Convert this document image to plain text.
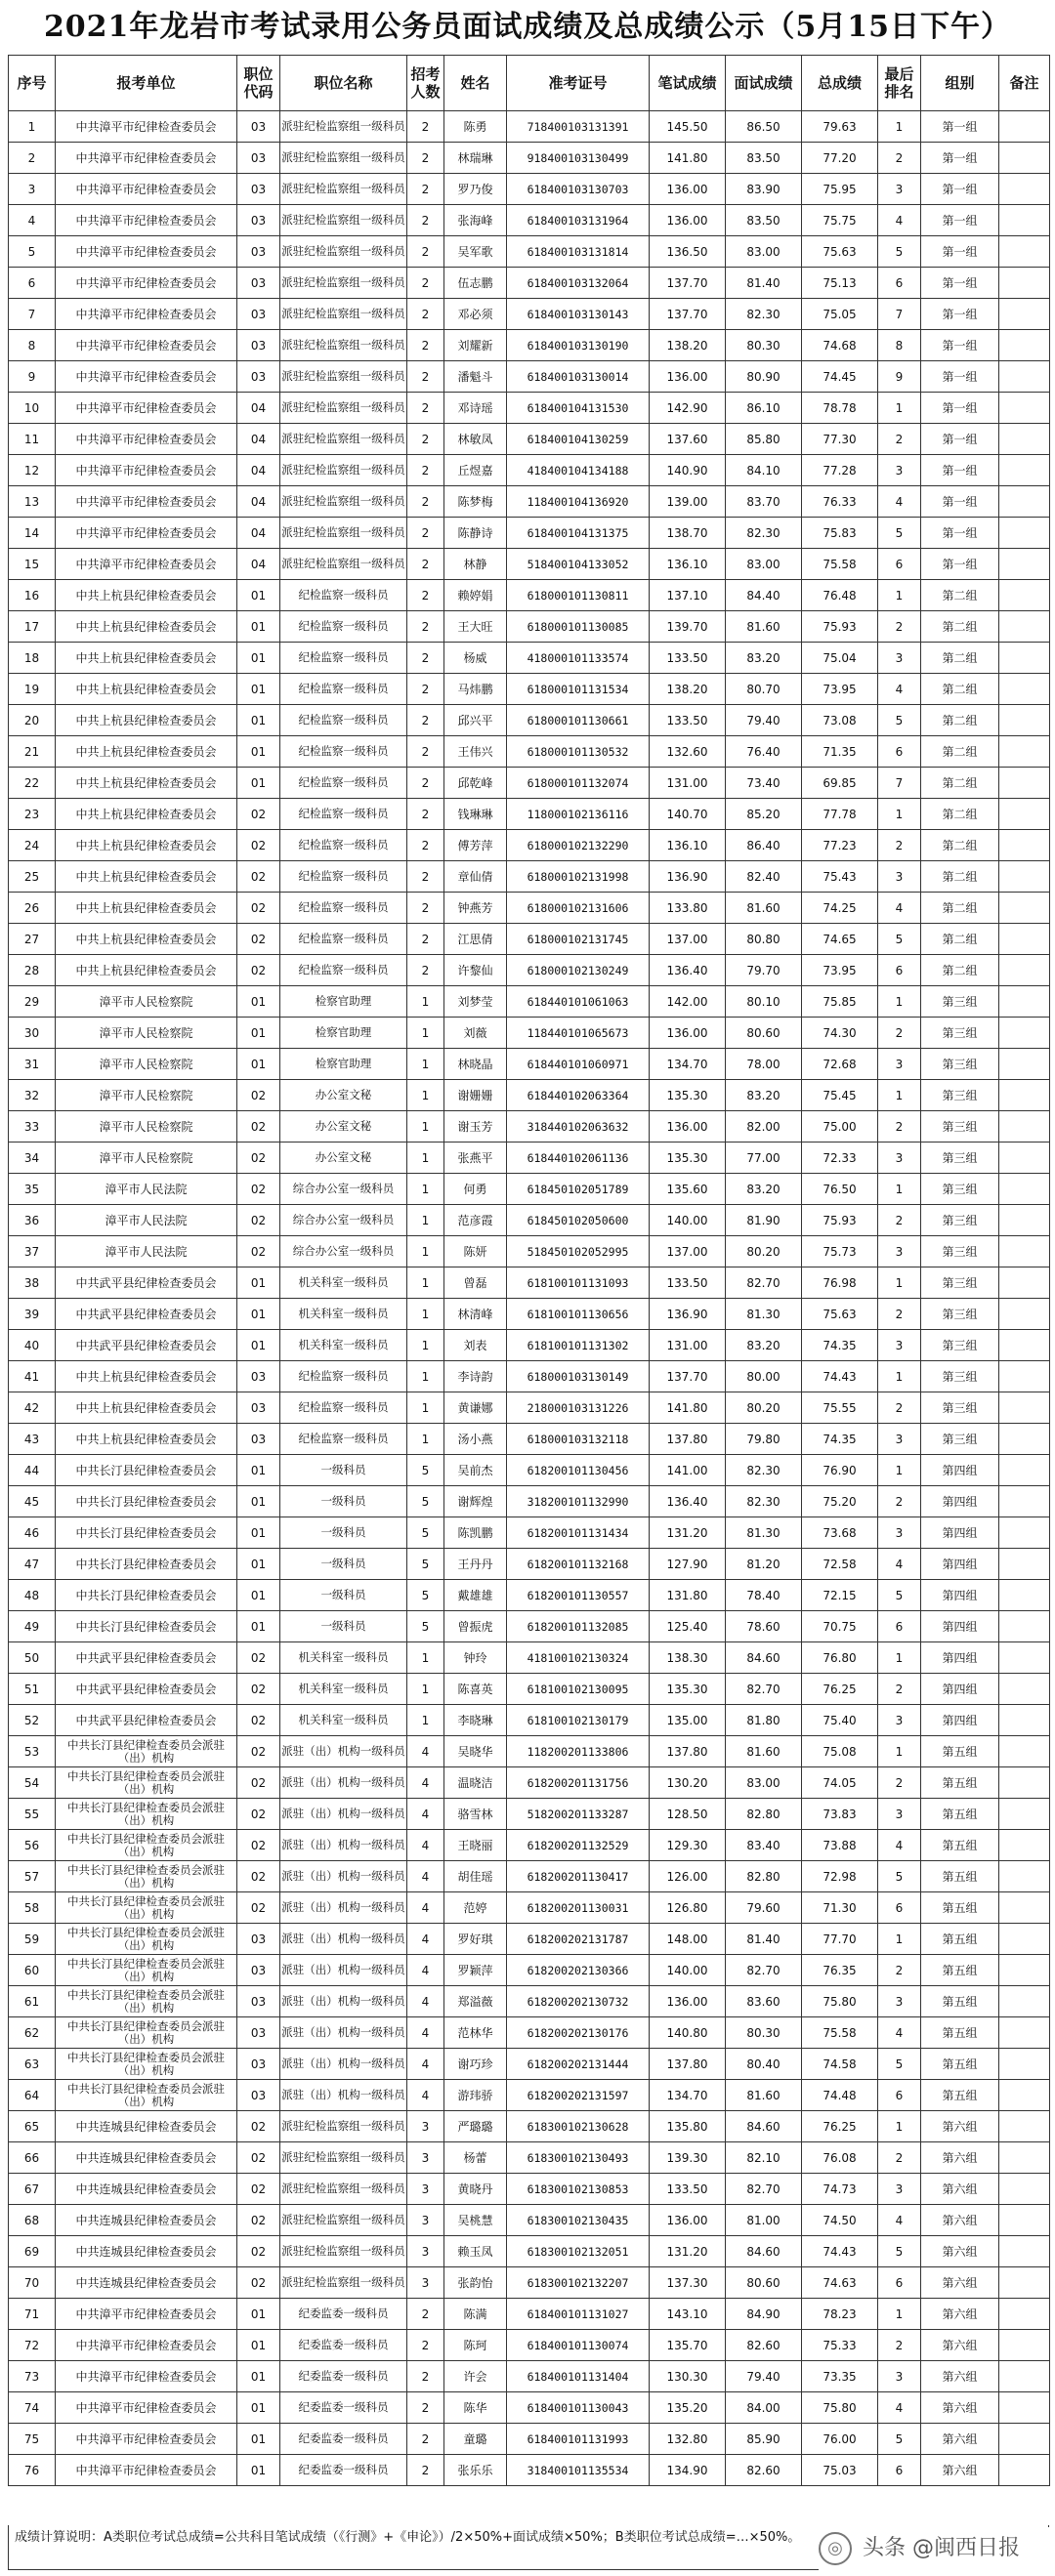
2021年龙岩市考试录用公务员面试成绩及总成绩公示（5月15日下午）
序号	报考单位	职位代码	职位名称	招考人数	姓名	准考证号	笔试成绩	面试成绩	总成绩	最后排名	组别	备注
1	中共漳平市纪律检查委员会	03	派驻纪检监察组一级科员	2	陈勇	718400103131391	145.50	86.50	79.63	1	第一组	
2	中共漳平市纪律检查委员会	03	派驻纪检监察组一级科员	2	林瑞琳	918400103130499	141.80	83.50	77.20	2	第一组	
3	中共漳平市纪律检查委员会	03	派驻纪检监察组一级科员	2	罗乃俊	618400103130703	136.00	83.90	75.95	3	第一组	
4	中共漳平市纪律检查委员会	03	派驻纪检监察组一级科员	2	张海峰	618400103131964	136.00	83.50	75.75	4	第一组	
5	中共漳平市纪律检查委员会	03	派驻纪检监察组一级科员	2	吴军歌	618400103131814	136.50	83.00	75.63	5	第一组	
6	中共漳平市纪律检查委员会	03	派驻纪检监察组一级科员	2	伍志鹏	618400103132064	137.70	81.40	75.13	6	第一组	
7	中共漳平市纪律检查委员会	03	派驻纪检监察组一级科员	2	邓必须	618400103130143	137.70	82.30	75.05	7	第一组	
8	中共漳平市纪律检查委员会	03	派驻纪检监察组一级科员	2	刘耀新	618400103130190	138.20	80.30	74.68	8	第一组	
9	中共漳平市纪律检查委员会	03	派驻纪检监察组一级科员	2	潘魁斗	618400103130014	136.00	80.90	74.45	9	第一组	
10	中共漳平市纪律检查委员会	04	派驻纪检监察组一级科员	2	邓诗瑶	618400104131530	142.90	86.10	78.78	1	第一组	
11	中共漳平市纪律检查委员会	04	派驻纪检监察组一级科员	2	林敏凤	618400104130259	137.60	85.80	77.30	2	第一组	
12	中共漳平市纪律检查委员会	04	派驻纪检监察组一级科员	2	丘煜嘉	418400104134188	140.90	84.10	77.28	3	第一组	
13	中共漳平市纪律检查委员会	04	派驻纪检监察组一级科员	2	陈梦梅	118400104136920	139.00	83.70	76.33	4	第一组	
14	中共漳平市纪律检查委员会	04	派驻纪检监察组一级科员	2	陈静诗	618400104131375	138.70	82.30	75.83	5	第一组	
15	中共漳平市纪律检查委员会	04	派驻纪检监察组一级科员	2	林静	518400104133052	136.10	83.00	75.58	6	第一组	
16	中共上杭县纪律检查委员会	01	纪检监察一级科员	2	赖婷娟	618000101130811	137.10	84.40	76.48	1	第二组	
17	中共上杭县纪律检查委员会	01	纪检监察一级科员	2	王大旺	618000101130085	139.70	81.60	75.93	2	第二组	
18	中共上杭县纪律检查委员会	01	纪检监察一级科员	2	杨威	418000101133574	133.50	83.20	75.04	3	第二组	
19	中共上杭县纪律检查委员会	01	纪检监察一级科员	2	马炜鹏	618000101131534	138.20	80.70	73.95	4	第二组	
20	中共上杭县纪律检查委员会	01	纪检监察一级科员	2	邱兴平	618000101130661	133.50	79.40	73.08	5	第二组	
21	中共上杭县纪律检查委员会	01	纪检监察一级科员	2	王伟兴	618000101130532	132.60	76.40	71.35	6	第二组	
22	中共上杭县纪律检查委员会	01	纪检监察一级科员	2	邱乾峰	618000101132074	131.00	73.40	69.85	7	第二组	
23	中共上杭县纪律检查委员会	02	纪检监察一级科员	2	钱琳琳	118000102136116	140.70	85.20	77.78	1	第二组	
24	中共上杭县纪律检查委员会	02	纪检监察一级科员	2	傅芳萍	618000102132290	136.10	86.40	77.23	2	第二组	
25	中共上杭县纪律检查委员会	02	纪检监察一级科员	2	章仙倩	618000102131998	136.90	82.40	75.43	3	第二组	
26	中共上杭县纪律检查委员会	02	纪检监察一级科员	2	钟燕芳	618000102131606	133.80	81.60	74.25	4	第二组	
27	中共上杭县纪律检查委员会	02	纪检监察一级科员	2	江思倩	618000102131745	137.00	80.80	74.65	5	第二组	
28	中共上杭县纪律检查委员会	02	纪检监察一级科员	2	许黎仙	618000102130249	136.40	79.70	73.95	6	第二组	
29	漳平市人民检察院	01	检察官助理	1	刘梦莹	618440101061063	142.00	80.10	75.85	1	第三组	
30	漳平市人民检察院	01	检察官助理	1	刘薇	118440101065673	136.00	80.60	74.30	2	第三组	
31	漳平市人民检察院	01	检察官助理	1	林晓晶	618440101060971	134.70	78.00	72.68	3	第三组	
32	漳平市人民检察院	02	办公室文秘	1	谢姗姗	618440102063364	135.30	83.20	75.45	1	第三组	
33	漳平市人民检察院	02	办公室文秘	1	谢玉芳	318440102063632	136.00	82.00	75.00	2	第三组	
34	漳平市人民检察院	02	办公室文秘	1	张燕平	618440102061136	135.30	77.00	72.33	3	第三组	
35	漳平市人民法院	02	综合办公室一级科员	1	何勇	618450102051789	135.60	83.20	76.50	1	第三组	
36	漳平市人民法院	02	综合办公室一级科员	1	范彦霞	618450102050600	140.00	81.90	75.93	2	第三组	
37	漳平市人民法院	02	综合办公室一级科员	1	陈妍	518450102052995	137.00	80.20	75.73	3	第三组	
38	中共武平县纪律检查委员会	01	机关科室一级科员	1	曾磊	618100101131093	133.50	82.70	76.98	1	第三组	
39	中共武平县纪律检查委员会	01	机关科室一级科员	1	林清峰	618100101130656	136.90	81.30	75.63	2	第三组	
40	中共武平县纪律检查委员会	01	机关科室一级科员	1	刘表	618100101131302	131.00	83.20	74.35	3	第三组	
41	中共上杭县纪律检查委员会	03	纪检监察一级科员	1	李诗韵	618000103130149	137.70	80.00	74.43	1	第三组	
42	中共上杭县纪律检查委员会	03	纪检监察一级科员	1	黄谦娜	218000103131226	141.80	80.20	75.55	2	第三组	
43	中共上杭县纪律检查委员会	03	纪检监察一级科员	1	汤小燕	618000103132118	137.80	79.80	74.35	3	第三组	
44	中共长汀县纪律检查委员会	01	一级科员	5	吴前杰	618200101130456	141.00	82.30	76.90	1	第四组	
45	中共长汀县纪律检查委员会	01	一级科员	5	谢辉煌	318200101132990	136.40	82.30	75.20	2	第四组	
46	中共长汀县纪律检查委员会	01	一级科员	5	陈凯鹏	618200101131434	131.20	81.30	73.68	3	第四组	
47	中共长汀县纪律检查委员会	01	一级科员	5	王丹丹	618200101132168	127.90	81.20	72.58	4	第四组	
48	中共长汀县纪律检查委员会	01	一级科员	5	戴雄雄	618200101130557	131.80	78.40	72.15	5	第四组	
49	中共长汀县纪律检查委员会	01	一级科员	5	曾振虎	618200101132085	125.40	78.60	70.75	6	第四组	
50	中共武平县纪律检查委员会	02	机关科室一级科员	1	钟玲	418100102130324	138.30	84.60	76.80	1	第四组	
51	中共武平县纪律检查委员会	02	机关科室一级科员	1	陈喜英	618100102130095	135.30	82.70	76.25	2	第四组	
52	中共武平县纪律检查委员会	02	机关科室一级科员	1	李晓琳	618100102130179	135.00	81.80	75.40	3	第四组	
53	中共长汀县纪律检查委员会派驻（出）机构	02	派驻（出）机构一级科员	4	吴晓华	118200201133806	137.80	81.60	75.08	1	第五组	
54	中共长汀县纪律检查委员会派驻（出）机构	02	派驻（出）机构一级科员	4	温晓洁	618200201131756	130.20	83.00	74.05	2	第五组	
55	中共长汀县纪律检查委员会派驻（出）机构	02	派驻（出）机构一级科员	4	骆雪林	518200201133287	128.50	82.80	73.83	3	第五组	
56	中共长汀县纪律检查委员会派驻（出）机构	02	派驻（出）机构一级科员	4	王晓丽	618200201132529	129.30	83.40	73.88	4	第五组	
57	中共长汀县纪律检查委员会派驻（出）机构	02	派驻（出）机构一级科员	4	胡佳瑶	618200201130417	126.00	82.80	72.98	5	第五组	
58	中共长汀县纪律检查委员会派驻（出）机构	02	派驻（出）机构一级科员	4	范婷	618200201130031	126.80	79.60	71.30	6	第五组	
59	中共长汀县纪律检查委员会派驻（出）机构	03	派驻（出）机构一级科员	4	罗好琪	618200202131787	148.00	81.40	77.70	1	第五组	
60	中共长汀县纪律检查委员会派驻（出）机构	03	派驻（出）机构一级科员	4	罗颖萍	618200202130366	140.00	82.70	76.35	2	第五组	
61	中共长汀县纪律检查委员会派驻（出）机构	03	派驻（出）机构一级科员	4	郑溢薇	618200202130732	136.00	83.60	75.80	3	第五组	
62	中共长汀县纪律检查委员会派驻（出）机构	03	派驻（出）机构一级科员	4	范林华	618200202130176	140.80	80.30	75.58	4	第五组	
63	中共长汀县纪律检查委员会派驻（出）机构	03	派驻（出）机构一级科员	4	谢巧珍	618200202131444	137.80	80.40	74.58	5	第五组	
64	中共长汀县纪律检查委员会派驻（出）机构	03	派驻（出）机构一级科员	4	游玮骄	618200202131597	134.70	81.60	74.48	6	第五组	
65	中共连城县纪律检查委员会	02	派驻纪检监察组一级科员	3	严璐璐	618300102130628	135.80	84.60	76.25	1	第六组	
66	中共连城县纪律检查委员会	02	派驻纪检监察组一级科员	3	杨蕾	618300102130493	139.30	82.10	76.08	2	第六组	
67	中共连城县纪律检查委员会	02	派驻纪检监察组一级科员	3	黄晓丹	618300102130853	133.50	82.70	74.73	3	第六组	
68	中共连城县纪律检查委员会	02	派驻纪检监察组一级科员	3	吴桃慧	618300102130435	136.00	81.00	74.50	4	第六组	
69	中共连城县纪律检查委员会	02	派驻纪检监察组一级科员	3	赖玉凤	618300102132051	131.20	84.60	74.43	5	第六组	
70	中共连城县纪律检查委员会	02	派驻纪检监察组一级科员	3	张韵怡	618300102132207	137.30	80.60	74.63	6	第六组	
71	中共漳平市纪律检查委员会	01	纪委监委一级科员	2	陈满	618400101131027	143.10	84.90	78.23	1	第六组	
72	中共漳平市纪律检查委员会	01	纪委监委一级科员	2	陈珂	618400101130074	135.70	82.60	75.33	2	第六组	
73	中共漳平市纪律检查委员会	01	纪委监委一级科员	2	许会	618400101131404	130.30	79.40	73.35	3	第六组	
74	中共漳平市纪律检查委员会	01	纪委监委一级科员	2	陈华	618400101130043	135.20	84.00	75.80	4	第六组	
75	中共漳平市纪律检查委员会	01	纪委监委一级科员	2	童璐	618400101131993	132.80	85.90	76.00	5	第六组	
76	中共漳平市纪律检查委员会	01	纪委监委一级科员	2	张乐乐	318400101135534	134.90	82.60	75.03	6	第六组	
成绩计算说明：A类职位考试总成绩=公共科目笔试成绩（《行测》+《申论》）/2×50%+面试成绩×50%；B类职位考试总成绩=…×50%。
◎ 头条 @闽西日报
